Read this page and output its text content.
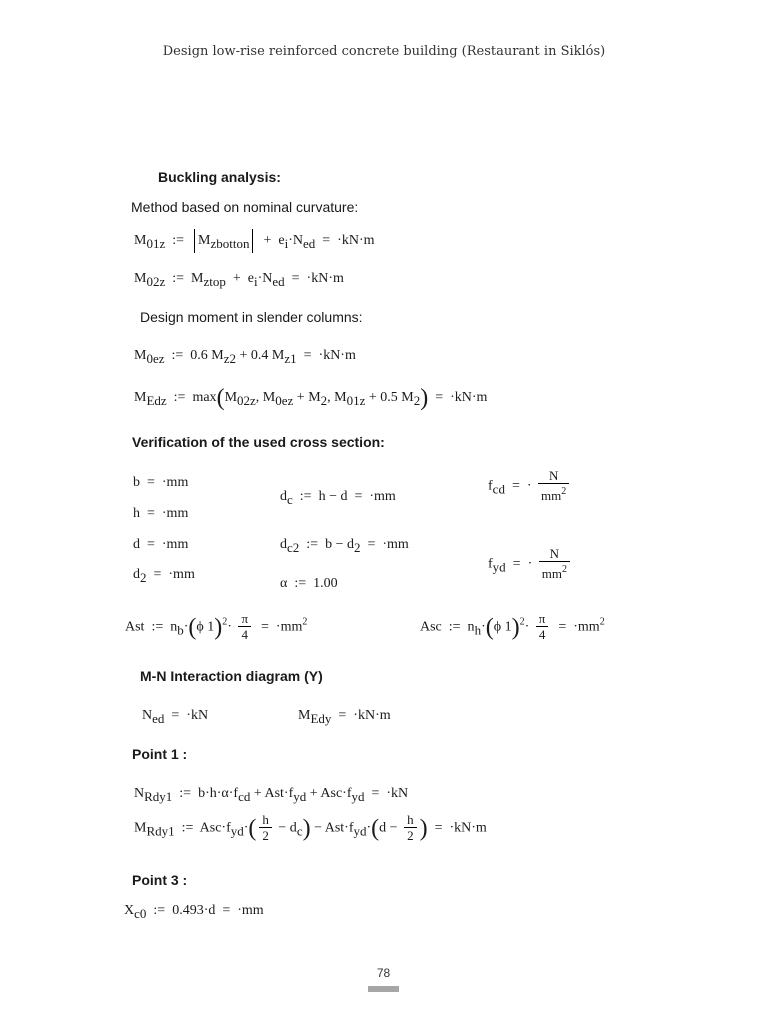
Design low-rise reinforced concrete building (Restaurant in Siklós)
Buckling analysis:
Method based on nominal curvature:
$M_{01z}$  :=  $M_{zbotton} + e_i\cdot N_{ed} = \cdot kN\cdot m$
$M_{02z}$  :=  $M_{ztop} + e_i\cdot N_{ed} = \cdot kN\cdot m$
Design moment in slender columns:
$M_{0ez}$  :=  0.6 $M_{z2} + 0.4$ $M_{z1} = \cdot kN\cdot m$
$M_{Edz}$  :=  $\max(M_{02z}$, $M_{0ez} + M_2$, $M_{01z} + 0.5$ $M_2) = \cdot kN\cdot m$
Verification of the used cross section:
b  =  ·mm
h  =  ·mm
d  =  ·mm
$d_2 = \cdot mm$
$d_c$  :=  h − d  =  ·mm
$d_{c2}$  :=  $b - d_2 = \cdot mm$
α  :=  1.00
$f_{cd}$  =  · $\frac{N}{mm^2}$
$f_{yd}$  =  · $\frac{N}{mm^2}$
Ast  :=  $n_b\cdot(\phi$ $1)^2\cdot \frac{\pi}{4} = \cdot mm^2$	Asc  :=  $n_h\cdot(\phi$ $1)^2\cdot \frac{\pi}{4} = \cdot mm^2$
M-N Interaction diagram (Y)
$N_{ed} = \cdot kN$	$M_{Edy} = \cdot kN\cdot m$
Point 1 :
$N_{Rdy1}$  :=  $b\cdot h\cdot\alpha\cdot f_{cd} + Ast\cdot f_{yd} + Asc\cdot f_{yd} = \cdot kN$
$M_{Rdy1}$  :=  $Asc\cdot f_{yd}\cdot( \frac{h}{2} - d_c) - Ast\cdot f_{yd}\cdot(d - \frac{h}{2}$ )  =  ·kN·m
Point 3 :
$X_{c0}$  :=  0.493·d  =  ·mm
78
